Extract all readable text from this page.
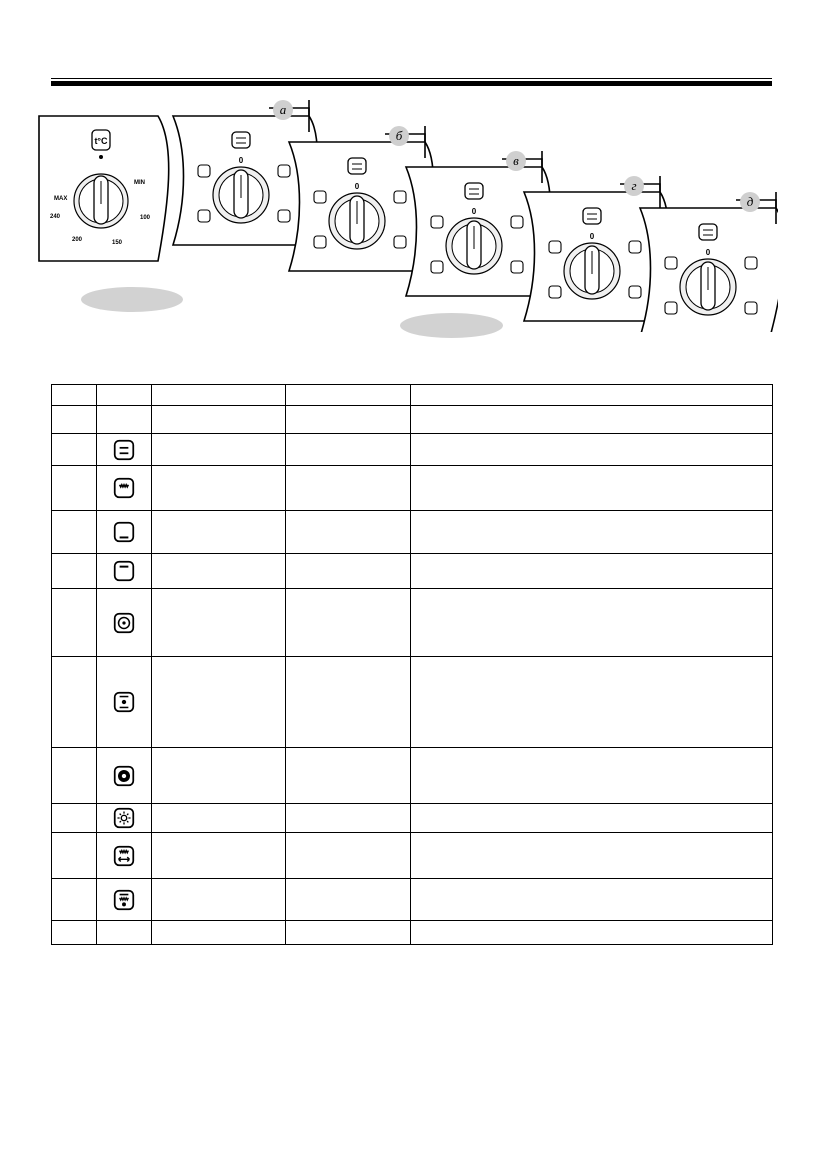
t°C
MAX
240
200	150
100
MIN
а
0
б
0
в
0
г
0
д
0
